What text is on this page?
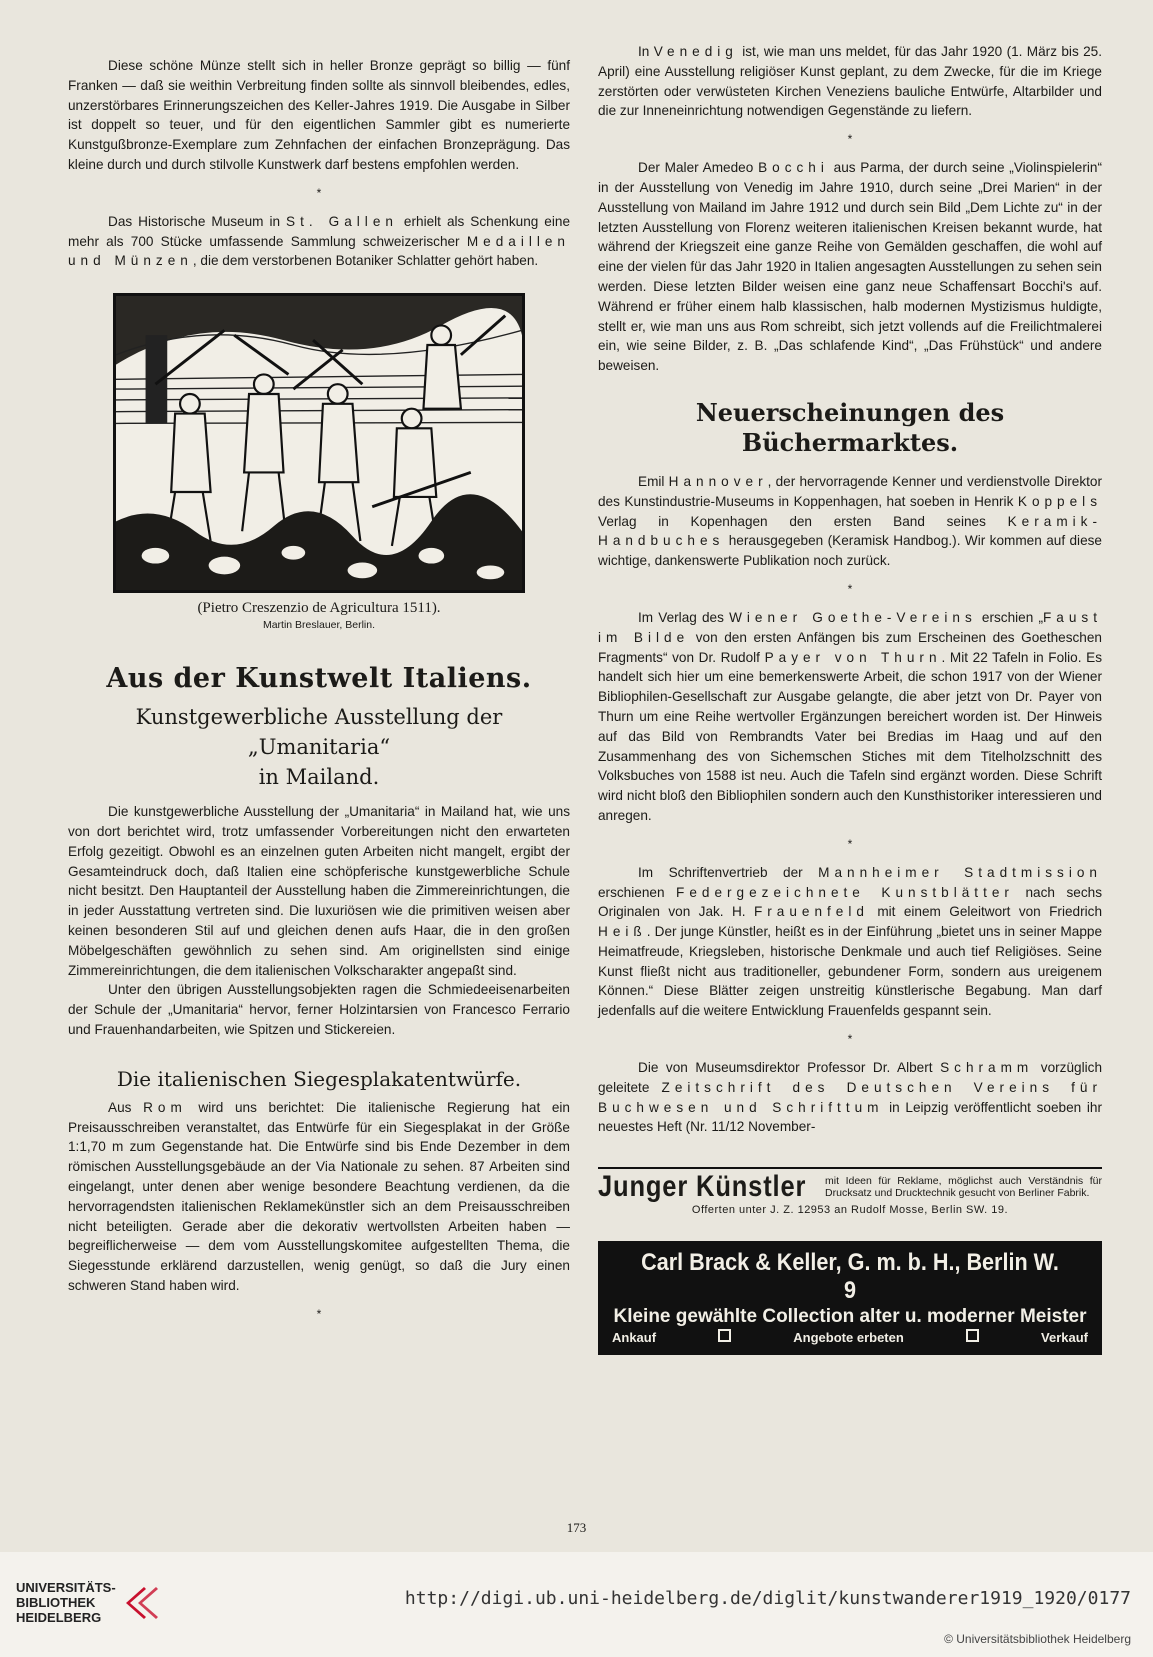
Diese schöne Münze stellt sich in heller Bronze geprägt so billig — fünf Franken — daß sie weithin Verbreitung finden sollte als sinnvoll bleibendes, edles, unzerstörbares Erinnerungszeichen des Keller-Jahres 1919. Die Ausgabe in Silber ist doppelt so teuer, und für den eigentlichen Sammler gibt es numerierte Kunstgußbronze-Exemplare zum Zehnfachen der einfachen Bronzeprägung. Das kleine durch und durch stilvolle Kunstwerk darf bestens empfohlen werden.

*

Das Historische Museum in St. Gallen erhielt als Schenkung eine mehr als 700 Stücke umfassende Sammlung schweizerischer Medaillen und Münzen, die dem verstorbenen Botaniker Schlatter gehört haben.

(Pietro Creszenzio de Agricultura 1511).
Martin Breslauer, Berlin.
Aus der Kunstwelt Italiens.
Kunstgewerbliche Ausstellung der „Umanitaria“
in Mailand.

Die kunstgewerbliche Ausstellung der „Umanitaria“ in Mailand hat, wie uns von dort berichtet wird, trotz umfassender Vorbereitungen nicht den erwarteten Erfolg gezeitigt. Obwohl es an einzelnen guten Arbeiten nicht mangelt, ergibt der Gesamteindruck doch, daß Italien eine schöpferische kunstgewerbliche Schule nicht besitzt. Den Hauptanteil der Ausstellung haben die Zimmereinrichtungen, die in jeder Ausstattung vertreten sind. Die luxuriösen wie die primitiven weisen aber keinen besonderen Stil auf und gleichen denen aufs Haar, die in den großen Möbelgeschäften gewöhnlich zu sehen sind. Am originellsten sind einige Zimmereinrichtungen, die dem italienischen Volkscharakter angepaßt sind.

Unter den übrigen Ausstellungsobjekten ragen die Schmiedeeisenarbeiten der Schule der „Umanitaria“ hervor, ferner Holzintarsien von Francesco Ferrario und Frauenhandarbeiten, wie Spitzen und Stickereien.

Die italienischen Siegesplakatentwürfe.

Aus Rom wird uns berichtet: Die italienische Regierung hat ein Preisausschreiben veranstaltet, das Entwürfe für ein Siegesplakat in der Größe 1:1,70 m zum Gegenstande hat. Die Entwürfe sind bis Ende Dezember in dem römischen Ausstellungsgebäude an der Via Nationale zu sehen. 87 Arbeiten sind eingelangt, unter denen aber wenige besondere Beachtung verdienen, da die hervorragendsten italienischen Reklamekünstler sich an dem Preisausschreiben nicht beteiligten. Gerade aber die dekorativ wertvollsten Arbeiten haben — begreiflicherweise — dem vom Ausstellungskomitee aufgestellten Thema, die Siegesstunde erklärend darzustellen, wenig genügt, so daß die Jury einen schweren Stand haben wird.

*

In Venedig ist, wie man uns meldet, für das Jahr 1920 (1. März bis 25. April) eine Ausstellung religiöser Kunst geplant, zu dem Zwecke, für die im Kriege zerstörten oder verwüsteten Kirchen Veneziens bauliche Entwürfe, Altarbilder und die zur Inneneinrichtung notwendigen Gegenstände zu liefern.

*

Der Maler Amedeo Bocchi aus Parma, der durch seine „Violinspielerin“ in der Ausstellung von Venedig im Jahre 1910, durch seine „Drei Marien“ in der Ausstellung von Mailand im Jahre 1912 und durch sein Bild „Dem Lichte zu“ in der letzten Ausstellung von Florenz weiteren italienischen Kreisen bekannt wurde, hat während der Kriegszeit eine ganze Reihe von Gemälden geschaffen, die wohl auf eine der vielen für das Jahr 1920 in Italien angesagten Ausstellungen zu sehen sein werden. Diese letzten Bilder weisen eine ganz neue Schaffensart Bocchi's auf. Während er früher einem halb klassischen, halb modernen Mystizismus huldigte, stellt er, wie man uns aus Rom schreibt, sich jetzt vollends auf die Freilichtmalerei ein, wie seine Bilder, z. B. „Das schlafende Kind“, „Das Frühstück“ und andere beweisen.

Neuerscheinungen des Büchermarktes.

Emil Hannover, der hervorragende Kenner und verdienstvolle Direktor des Kunstindustrie-Museums in Koppenhagen, hat soeben in Henrik Koppels Verlag in Kopenhagen den ersten Band seines Keramik-Handbuches herausgegeben (Keramisk Handbog.). Wir kommen auf diese wichtige, dankenswerte Publikation noch zurück.

*

Im Verlag des Wiener Goethe-Vereins erschien „Faust im Bilde von den ersten Anfängen bis zum Erscheinen des Goetheschen Fragments“ von Dr. Rudolf Payer von Thurn. Mit 22 Tafeln in Folio. Es handelt sich hier um eine bemerkenswerte Arbeit, die schon 1917 von der Wiener Bibliophilen-Gesellschaft zur Ausgabe gelangte, die aber jetzt von Dr. Payer von Thurn um eine Reihe wertvoller Ergänzungen bereichert worden ist. Der Hinweis auf das Bild von Rembrandts Vater bei Bredias im Haag und auf den Zusammenhang des von Sichemschen Stiches mit dem Titelholzschnitt des Volksbuches von 1588 ist neu. Auch die Tafeln sind ergänzt worden. Diese Schrift wird nicht bloß den Bibliophilen sondern auch den Kunsthistoriker interessieren und anregen.

*

Im Schriftenvertrieb der Mannheimer Stadtmission erschienen Federgezeichnete Kunstblätter nach sechs Originalen von Jak. H. Frauenfeld mit einem Geleitwort von Friedrich Heiß. Der junge Künstler, heißt es in der Einführung „bietet uns in seiner Mappe Heimatfreude, Kriegsleben, historische Denkmale und auch tief Religiöses. Seine Kunst fließt nicht aus traditioneller, gebundener Form, sondern aus ureigenem Können.“ Diese Blätter zeigen unstreitig künstlerische Begabung. Man darf jedenfalls auf die weitere Entwicklung Frauenfelds gespannt sein.

*

Die von Museumsdirektor Professor Dr. Albert Schramm vorzüglich geleitete Zeitschrift des Deutschen Vereins für Buchwesen und Schrifttum in Leipzig veröffentlicht soeben ihr neuestes Heft (Nr. 11/12 November-

Junger Künstler mit Ideen für Reklame, möglichst auch Verständnis für Drucksatz und Drucktechnik gesucht von Berliner Fabrik.
Offerten unter J. Z. 12953 an Rudolf Mosse, Berlin SW. 19.
Carl Brack & Keller, G. m. b. H., Berlin W. 9
Kleine gewählte Collection alter u. moderner Meister
Ankauf	Angebote erbeten	Verkauf
173
UNIVERSITÄTS-
BIBLIOTHEK
HEIDELBERG
http://digi.ub.uni-heidelberg.de/diglit/kunstwanderer1919_1920/0177
© Universitätsbibliothek Heidelberg
